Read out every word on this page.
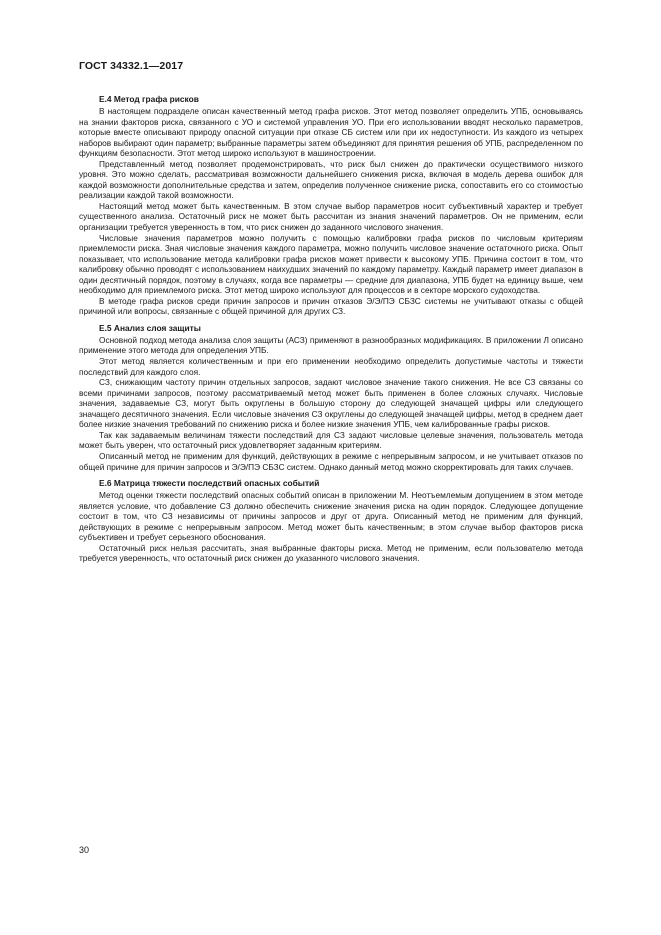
ГОСТ 34332.1—2017
Е.4 Метод графа рисков

В настоящем подразделе описан качественный метод графа рисков. Этот метод позволяет определить УПБ, основываясь на знании факторов риска, связанного с УО и системой управления УО. При его использовании вводят несколько параметров, которые вместе описывают природу опасной ситуации при отказе СБ систем или при их недоступности. Из каждого из четырех наборов выбирают один параметр; выбранные параметры затем объединяют для принятия решения об УПБ, распределенном по функциям безопасности. Этот метод широко используют в машиностроении.

Представленный метод позволяет продемонстрировать, что риск был снижен до практически осуществимого низкого уровня. Это можно сделать, рассматривая возможности дальнейшего снижения риска, включая в модель дерева ошибок для каждой возможности дополнительные средства и затем, определив полученное снижение риска, сопоставить его со стоимостью реализации каждой такой возможности.

Настоящий метод может быть качественным. В этом случае выбор параметров носит субъективный характер и требует существенного анализа. Остаточный риск не может быть рассчитан из знания значений параметров. Он не применим, если организации требуется уверенность в том, что риск снижен до заданного числового значения.

Числовые значения параметров можно получить с помощью калибровки графа рисков по числовым критериям приемлемости риска. Зная числовые значения каждого параметра, можно получить числовое значение остаточного риска. Опыт показывает, что использование метода калибровки графа рисков может привести к высокому УПБ. Причина состоит в том, что калибровку обычно проводят с использованием наихудших значений по каждому параметру. Каждый параметр имеет диапазон в один десятичный порядок, поэтому в случаях, когда все параметры — средние для диапазона, УПБ будет на единицу выше, чем необходимо для приемлемого риска. Этот метод широко используют для процессов и в секторе морского судоходства.

В методе графа рисков среди причин запросов и причин отказов Э/Э/ПЭ СБЗС системы не учитывают отказы с общей причиной или вопросы, связанные с общей причиной для других СЗ.

Е.5 Анализ слоя защиты

Основной подход метода анализа слоя защиты (АСЗ) применяют в разнообразных модификациях. В приложении Л описано применение этого метода для определения УПБ.

Этот метод является количественным и при его применении необходимо определить допустимые частоты и тяжести последствий для каждого слоя.

СЗ, снижающим частоту причин отдельных запросов, задают числовое значение такого снижения. Не все СЗ связаны со всеми причинами запросов, поэтому рассматриваемый метод может быть применен в более сложных случаях. Числовые значения, задаваемые СЗ, могут быть округлены в большую сторону до следующей значащей цифры или следующего значащего десятичного значения. Если числовые значения СЗ округлены до следующей значащей цифры, метод в среднем дает более низкие значения требований по снижению риска и более низкие значения УПБ, чем калиброванные графы рисков.

Так как задаваемым величинам тяжести последствий для СЗ задают числовые целевые значения, пользователь метода может быть уверен, что остаточный риск удовлетворяет заданным критериям.

Описанный метод не применим для функций, действующих в режиме с непрерывным запросом, и не учитывает отказов по общей причине для причин запросов и Э/Э/ПЭ СБЗС систем. Однако данный метод можно скорректировать для таких случаев.

Е.6 Матрица тяжести последствий опасных событий

Метод оценки тяжести последствий опасных событий описан в приложении М. Неотъемлемым допущением в этом методе является условие, что добавление СЗ должно обеспечить снижение значения риска на один порядок. Следующее допущение состоит в том, что СЗ независимы от причины запросов и друг от друга. Описанный метод не применим для функций, действующих в режиме с непрерывным запросом. Метод может быть качественным; в этом случае выбор факторов риска субъективен и требует серьезного обоснования.

Остаточный риск нельзя рассчитать, зная выбранные факторы риска. Метод не применим, если пользователю метода требуется уверенность, что остаточный риск снижен до указанного числового значения.

30
